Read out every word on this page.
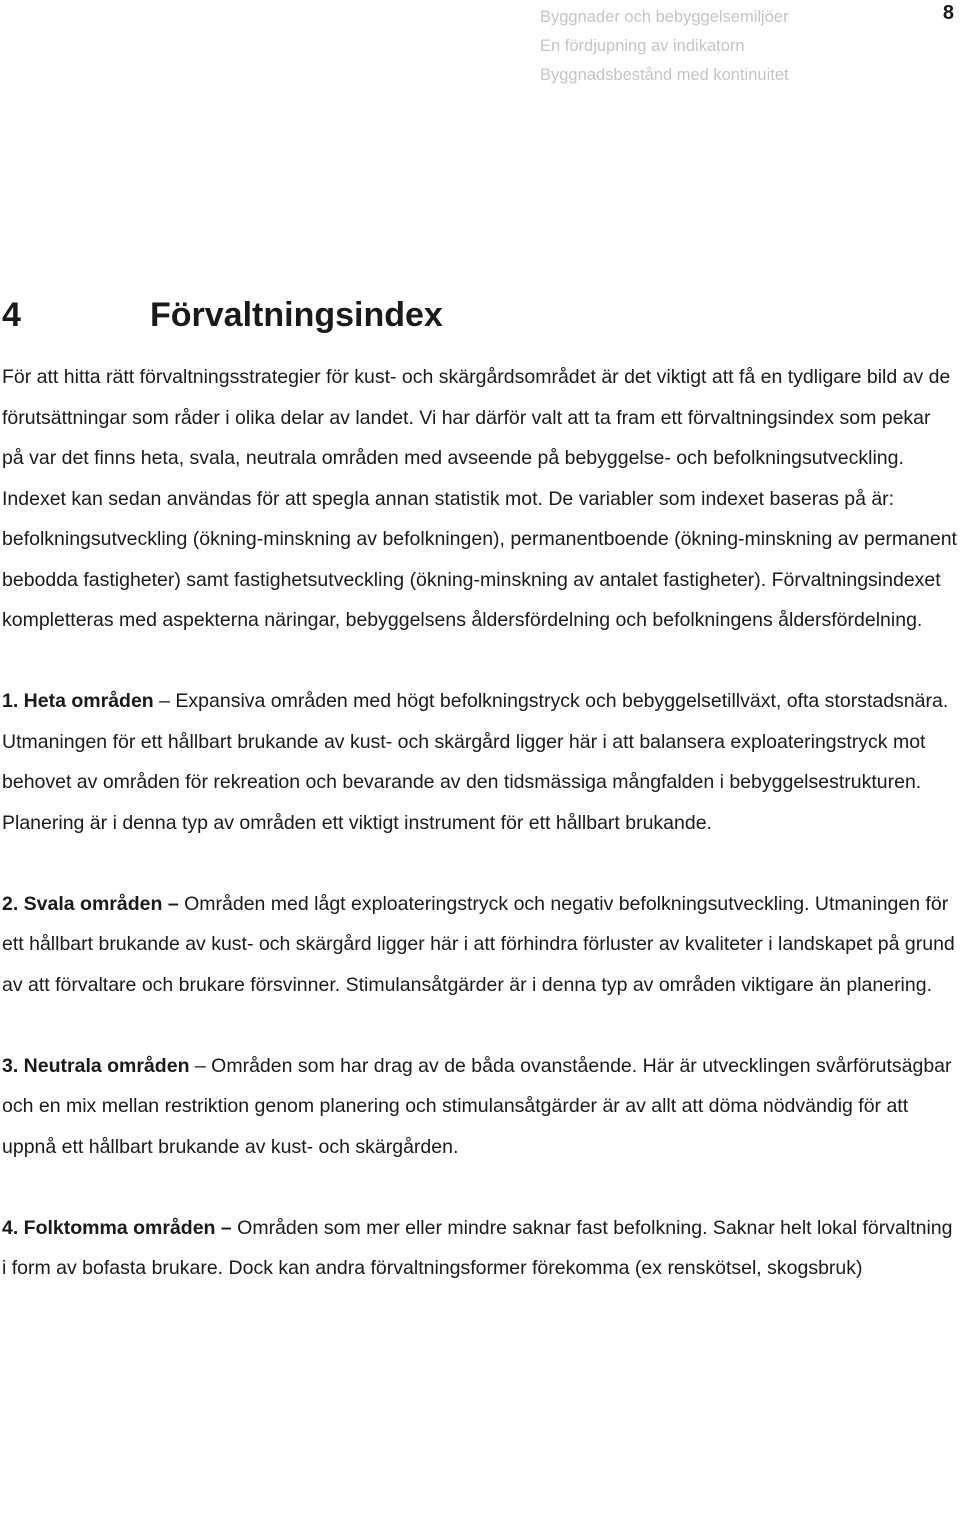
Byggnader och bebyggelsemiljöer
En fördjupning av indikatorn
Byggnadsbestånd med kontinuitet
8
4	Förvaltningsindex

För att hitta rätt förvaltningsstrategier för kust- och skärgårdsområdet är det viktigt att få en tydligare bild av de förutsättningar som råder i olika delar av landet. Vi har därför valt att ta fram ett förvaltningsindex som pekar på var det finns heta, svala, neutrala områden med avseende på bebyggelse- och befolkningsutveckling. Indexet kan sedan användas för att spegla annan statistik mot. De variabler som indexet baseras på är: befolkningsutveckling (ökning-minskning av befolkningen), permanentboende (ökning-minskning av permanent bebodda fastigheter) samt fastighetsutveckling (ökning-minskning av antalet fastigheter). Förvaltningsindexet kompletteras med aspekterna näringar, bebyggelsens åldersfördelning och befolkningens åldersfördelning.

1. Heta områden – Expansiva områden med högt befolkningstryck och bebyggelsetillväxt, ofta storstadsnära. Utmaningen för ett hållbart brukande av kust- och skärgård ligger här i att balansera exploateringstryck mot behovet av områden för rekreation och bevarande av den tidsmässiga mångfalden i bebyggelsestrukturen. Planering är i denna typ av områden ett viktigt instrument för ett hållbart brukande.

2. Svala områden – Områden med lågt exploateringstryck och negativ befolkningsutveckling. Utmaningen för ett hållbart brukande av kust- och skärgård ligger här i att förhindra förluster av kvaliteter i landskapet på grund av att förvaltare och brukare försvinner. Stimulansåtgärder är i denna typ av områden viktigare än planering.

3. Neutrala områden – Områden som har drag av de båda ovanstående. Här är utvecklingen svårförutsägbar och en mix mellan restriktion genom planering och stimulansåtgärder är av allt att döma nödvändig för att uppnå ett hållbart brukande av kust- och skärgården.

4. Folktomma områden – Områden som mer eller mindre saknar fast befolkning. Saknar helt lokal förvaltning i form av bofasta brukare. Dock kan andra förvaltningsformer förekomma (ex renskötsel, skogsbruk)
